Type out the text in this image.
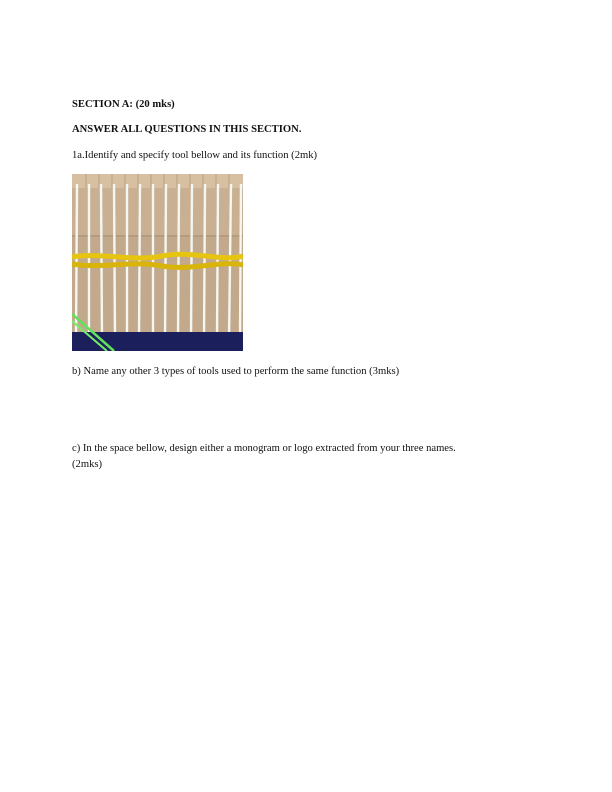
SECTION A: (20 mks)
ANSWER ALL QUESTIONS IN THIS SECTION.
1a.Identify and specify tool bellow and its function (2mk)
b) Name any other 3 types of tools used to perform the same function (3mks)
c) In the space bellow, design either a monogram or logo extracted from your three names.
(2mks)
